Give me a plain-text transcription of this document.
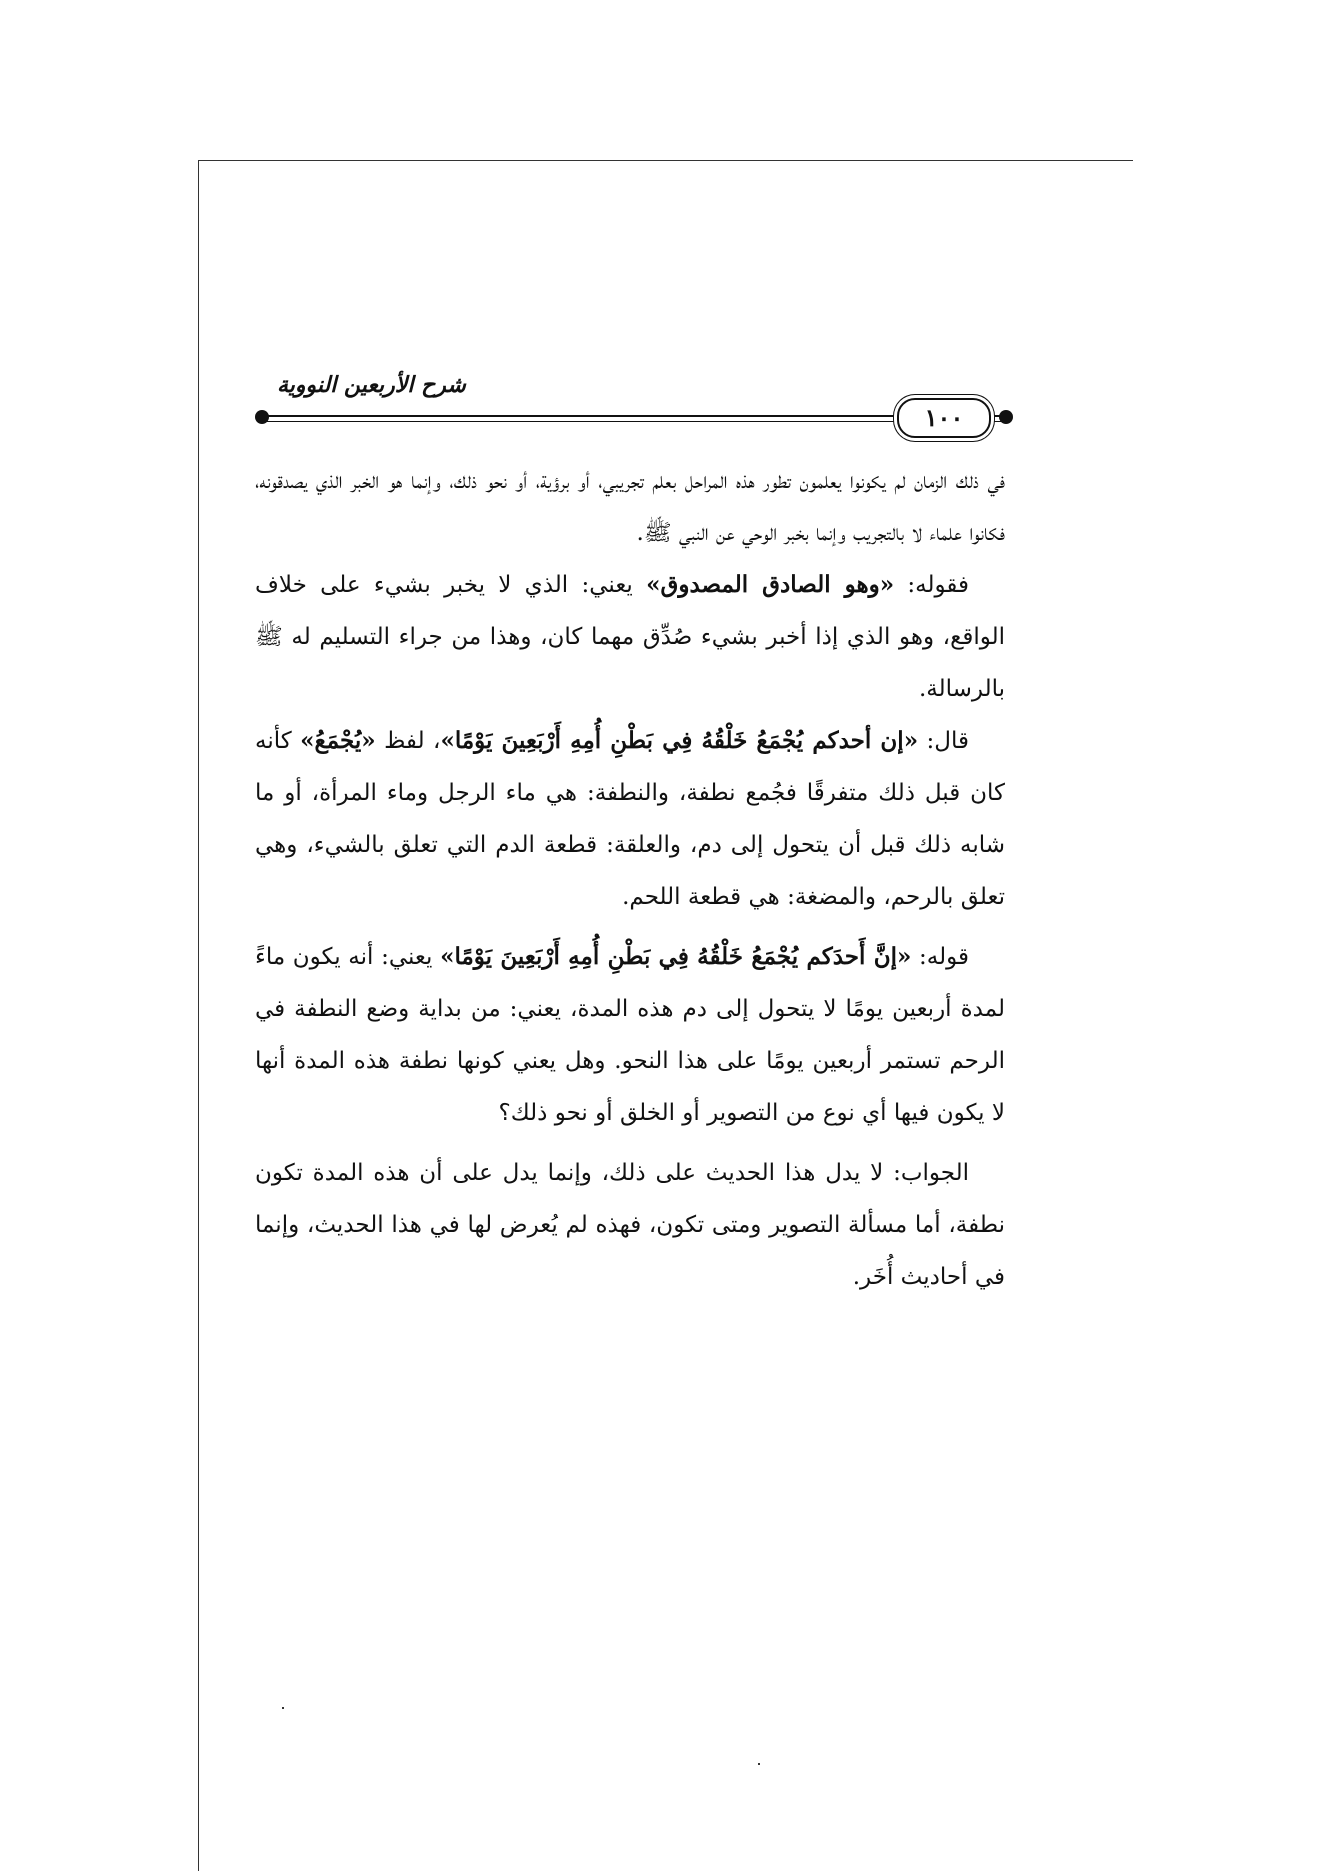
شرح الأربعين النووية
١٠٠

في ذلك الزمان لم يكونوا يعلمون تطور هذه المراحل بعلم تجريبي، أو برؤية، أو نحو ذلك، وإنما هو الخبر الذي يصدقونه، فكانوا علماء لا بالتجريب وإنما بخبر الوحي عن النبي ﷺ.

فقوله: «وهو الصادق المصدوق» يعني: الذي لا يخبر بشيء على خلاف الواقع، وهو الذي إذا أخبر بشيء صُدِّق مهما كان، وهذا من جراء التسليم له ﷺ بالرسالة.

قال: «إن أحدكم يُجْمَعُ خَلْقُهُ فِي بَطْنِ أُمِهِ أَرْبَعِينَ يَوْمًا»، لفظ «يُجْمَعُ» كأنه كان قبل ذلك متفرقًا فجُمع نطفة، والنطفة: هي ماء الرجل وماء المرأة، أو ما شابه ذلك قبل أن يتحول إلى دم، والعلقة: قطعة الدم التي تعلق بالشيء، وهي تعلق بالرحم، والمضغة: هي قطعة اللحم.

قوله: «إنَّ أَحدَكم يُجْمَعُ خَلْقُهُ فِي بَطْنِ أُمِهِ أَرْبَعِينَ يَوْمًا» يعني: أنه يكون ماءً لمدة أربعين يومًا لا يتحول إلى دم هذه المدة، يعني: من بداية وضع النطفة في الرحم تستمر أربعين يومًا على هذا النحو. وهل يعني كونها نطفة هذه المدة أنها لا يكون فيها أي نوع من التصوير أو الخلق أو نحو ذلك؟

الجواب: لا يدل هذا الحديث على ذلك، وإنما يدل على أن هذه المدة تكون نطفة، أما مسألة التصوير ومتى تكون، فهذه لم يُعرض لها في هذا الحديث، وإنما في أحاديث أُخَر.
